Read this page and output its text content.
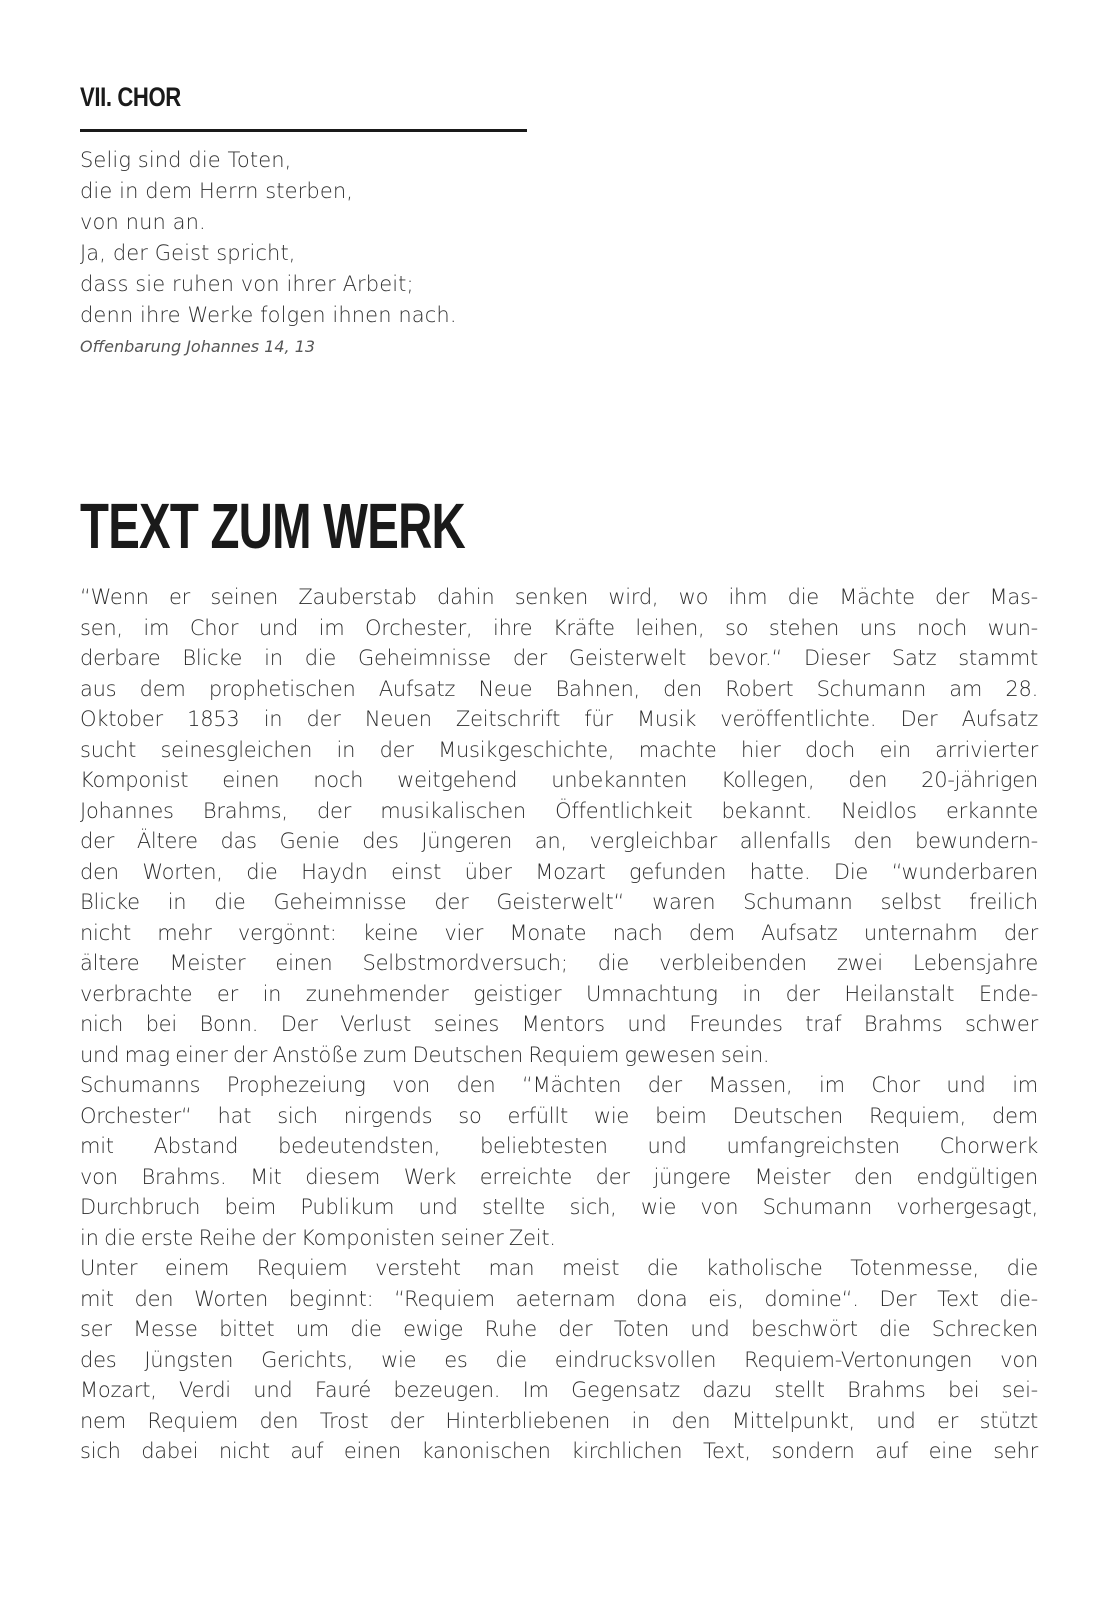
VII. CHOR
Selig sind die Toten,
die in dem Herrn sterben,
von nun an.
Ja, der Geist spricht,
dass sie ruhen von ihrer Arbeit;
denn ihre Werke folgen ihnen nach.

Offenbarung Johannes 14, 13

TEXT ZUM WERK
“Wenn er seinen Zauberstab dahin senken wird, wo ihm die Mächte der Mas-
sen, im Chor und im Orchester, ihre Kräfte leihen, so stehen uns noch wun-
derbare Blicke in die Geheimnisse der Geisterwelt bevor.“ Dieser Satz stammt
aus dem prophetischen Aufsatz Neue Bahnen, den Robert Schumann am 28.
Oktober 1853 in der Neuen Zeitschrift für Musik veröffentlichte. Der Aufsatz
sucht seinesgleichen in der Musikgeschichte, machte hier doch ein arrivierter
Komponist einen noch weitgehend unbekannten Kollegen, den 20-jährigen
Johannes Brahms, der musikalischen Öffentlichkeit bekannt. Neidlos erkannte
der Ältere das Genie des Jüngeren an, vergleichbar allenfalls den bewundern-
den Worten, die Haydn einst über Mozart gefunden hatte. Die “wunderbaren
Blicke in die Geheimnisse der Geisterwelt“ waren Schumann selbst freilich
nicht mehr vergönnt: keine vier Monate nach dem Aufsatz unternahm der
ältere Meister einen Selbstmordversuch; die verbleibenden zwei Lebensjahre
verbrachte er in zunehmender geistiger Umnachtung in der Heilanstalt Ende-
nich bei Bonn. Der Verlust seines Mentors und Freundes traf Brahms schwer
und mag einer der Anstöße zum Deutschen Requiem gewesen sein.
Schumanns Prophezeiung von den “Mächten der Massen, im Chor und im
Orchester“ hat sich nirgends so erfüllt wie beim Deutschen Requiem, dem
mit Abstand bedeutendsten, beliebtesten und umfangreichsten Chorwerk
von Brahms. Mit diesem Werk erreichte der jüngere Meister den endgültigen
Durchbruch beim Publikum und stellte sich, wie von Schumann vorhergesagt,
in die erste Reihe der Komponisten seiner Zeit.
Unter einem Requiem versteht man meist die katholische Totenmesse, die
mit den Worten beginnt: “Requiem aeternam dona eis, domine“. Der Text die-
ser Messe bittet um die ewige Ruhe der Toten und beschwört die Schrecken
des Jüngsten Gerichts, wie es die eindrucksvollen Requiem-Vertonungen von
Mozart, Verdi und Fauré bezeugen. Im Gegensatz dazu stellt Brahms bei sei-
nem Requiem den Trost der Hinterbliebenen in den Mittelpunkt, und er stützt
sich dabei nicht auf einen kanonischen kirchlichen Text, sondern auf eine sehr
